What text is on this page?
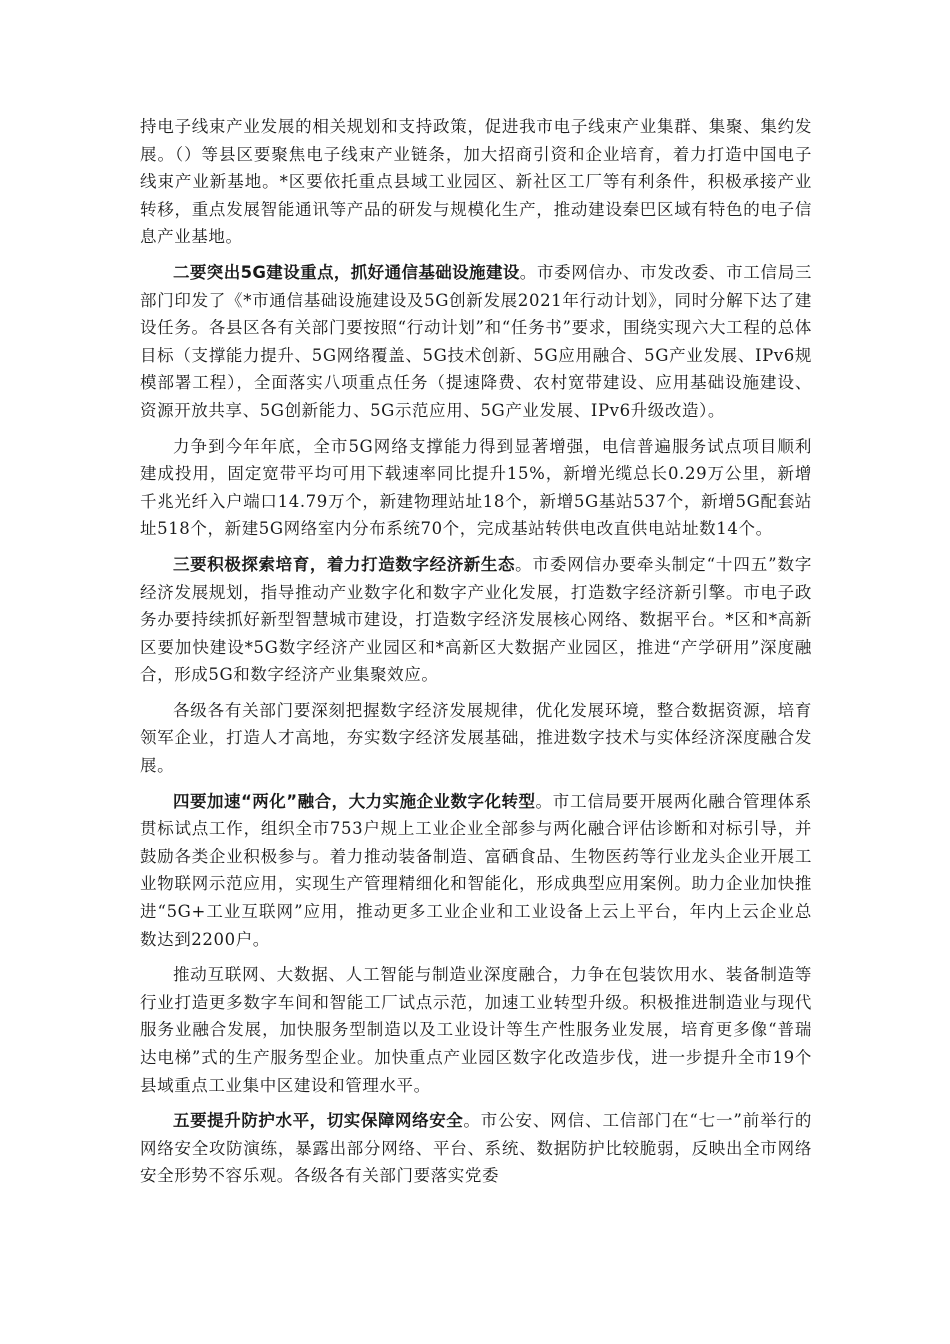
持电子线束产业发展的相关规划和支持政策，促进我市电子线束产业集群、集聚、集约发展。（）等县区要聚焦电子线束产业链条，加大招商引资和企业培育，着力打造中国电子线束产业新基地。*区要依托重点县域工业园区、新社区工厂等有利条件，积极承接产业转移，重点发展智能通讯等产品的研发与规模化生产，推动建设秦巴区域有特色的电子信息产业基地。

二要突出5G建设重点，抓好通信基础设施建设。市委网信办、市发改委、市工信局三部门印发了《*市通信基础设施建设及5G创新发展2021年行动计划》，同时分解下达了建设任务。各县区各有关部门要按照“行动计划”和“任务书”要求，围绕实现六大工程的总体目标（支撑能力提升、5G网络覆盖、5G技术创新、5G应用融合、5G产业发展、IPv6规模部署工程），全面落实八项重点任务（提速降费、农村宽带建设、应用基础设施建设、资源开放共享、5G创新能力、5G示范应用、5G产业发展、IPv6升级改造）。

力争到今年年底，全市5G网络支撑能力得到显著增强，电信普遍服务试点项目顺利建成投用，固定宽带平均可用下载速率同比提升15%，新增光缆总长0.29万公里，新增千兆光纤入户端口14.79万个，新建物理站址18个，新增5G基站537个，新增5G配套站址518个，新建5G网络室内分布系统70个，完成基站转供电改直供电站址数14个。

三要积极探索培育，着力打造数字经济新生态。市委网信办要牵头制定“十四五”数字经济发展规划，指导推动产业数字化和数字产业化发展，打造数字经济新引擎。市电子政务办要持续抓好新型智慧城市建设，打造数字经济发展核心网络、数据平台。*区和*高新区要加快建设*5G数字经济产业园区和*高新区大数据产业园区，推进“产学研用”深度融合，形成5G和数字经济产业集聚效应。

各级各有关部门要深刻把握数字经济发展规律，优化发展环境，整合数据资源，培育领军企业，打造人才高地，夯实数字经济发展基础，推进数字技术与实体经济深度融合发展。

四要加速“两化”融合，大力实施企业数字化转型。市工信局要开展两化融合管理体系贯标试点工作，组织全市753户规上工业企业全部参与两化融合评估诊断和对标引导，并鼓励各类企业积极参与。着力推动装备制造、富硒食品、生物医药等行业龙头企业开展工业物联网示范应用，实现生产管理精细化和智能化，形成典型应用案例。助力企业加快推进“5G+工业互联网”应用，推动更多工业企业和工业设备上云上平台，年内上云企业总数达到2200户。

推动互联网、大数据、人工智能与制造业深度融合，力争在包装饮用水、装备制造等行业打造更多数字车间和智能工厂试点示范，加速工业转型升级。积极推进制造业与现代服务业融合发展，加快服务型制造以及工业设计等生产性服务业发展，培育更多像“普瑞达电梯”式的生产服务型企业。加快重点产业园区数字化改造步伐，进一步提升全市19个县域重点工业集中区建设和管理水平。

五要提升防护水平，切实保障网络安全。市公安、网信、工信部门在“七一”前举行的网络安全攻防演练，暴露出部分网络、平台、系统、数据防护比较脆弱，反映出全市网络安全形势不容乐观。各级各有关部门要落实党委
